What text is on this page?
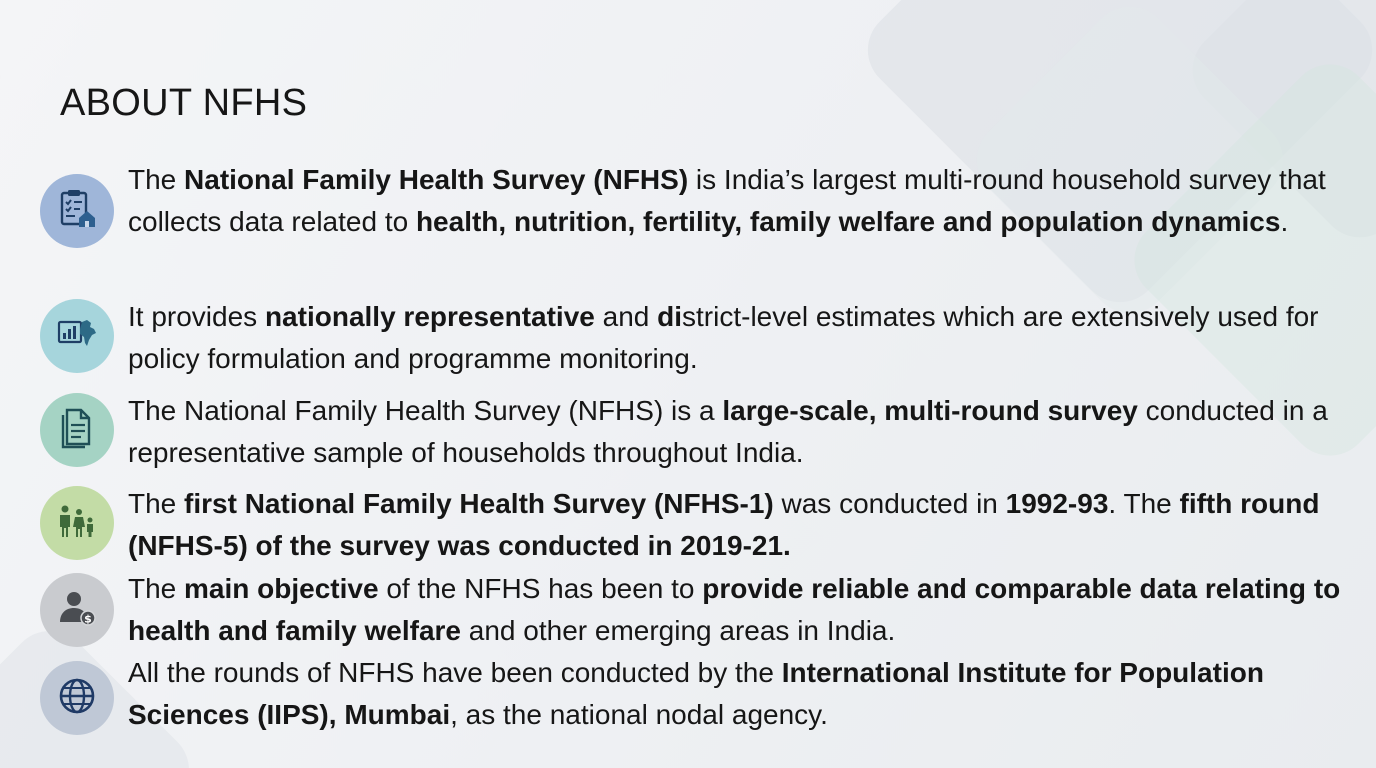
ABOUT NFHS

The National Family Health Survey (NFHS) is India’s largest multi-round household survey that collects data related to health, nutrition, fertility, family welfare and population dynamics.

It provides nationally representative and district-level estimates which are extensively used for policy formulation and programme monitoring.

The National Family Health Survey (NFHS) is a large-scale, multi-round survey conducted in a representative sample of households throughout India.

The first National Family Health Survey (NFHS-1) was conducted in 1992-93. The fifth round (NFHS-5) of the survey was conducted in 2019-21.

$

The main objective of the NFHS has been to provide reliable and comparable data relating to health and family welfare and other emerging areas in India.

All the rounds of NFHS have been conducted by the International Institute for Population Sciences (IIPS), Mumbai, as the national nodal agency.
